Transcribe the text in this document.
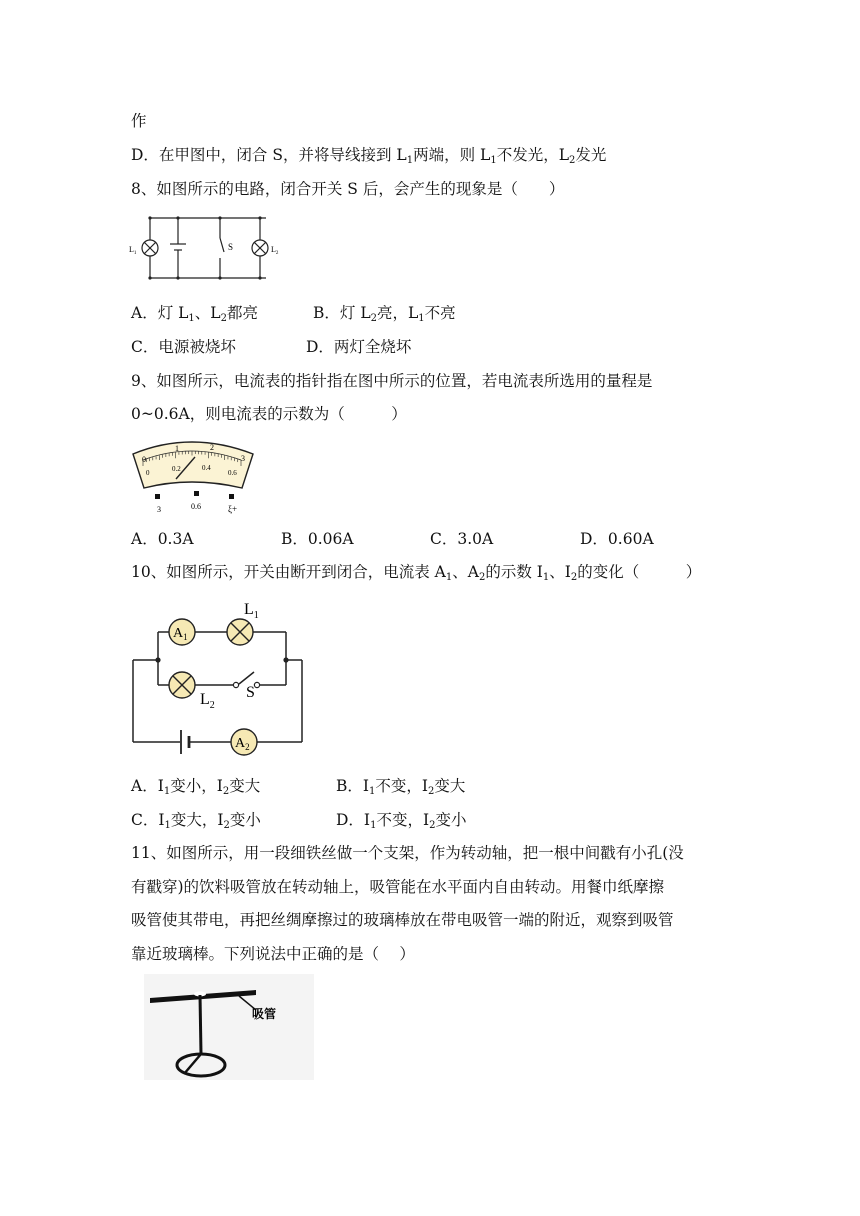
作
D．在甲图中，闭合 S，并将导线接到 $L_1$两端，则 $L_1$不发光，$L_2$发光
8、如图所示的电路，闭合开关 S 后，会产生的现象是（　　）
$L_1$
S	$L_2$
A．灯 $L_1$、$L_2$都亮	B．灯 $L_2$亮，$L_1$不亮
C．电源被烧坏	D．两灯全烧坏
9、如图所示，电流表的指针指在图中所示的位置，若电流表所选用的量程是
0~0.6A，则电流表的示数为（　　　）
0
1	2
3
0	0.2	0.4
0.6
3	0.6	ξ+
A．0.3A	B．0.06A	C．3.0A	D．0.60A
10、如图所示，开关由断开到闭合，电流表 $A_1$、$A_2$的示数 $I_1$、$I_2$的变化（　　　）
$A_1$
$L_1$
$L_2$
S
$A_2$
A．$I_1$变小，$I_2$变大	B．$I_1$不变，$I_2$变大
C．$I_1$变大，$I_2$变小	D．$I_1$不变，$I_2$变小
11、如图所示，用一段细铁丝做一个支架，作为转动轴，把一根中间戳有小孔(没
有戳穿)的饮料吸管放在转动轴上，吸管能在水平面内自由转动。用餐巾纸摩擦
吸管使其带电，再把丝绸摩擦过的玻璃棒放在带电吸管一端的附近，观察到吸管
靠近玻璃棒。下列说法中正确的是（　 ）
吸管
